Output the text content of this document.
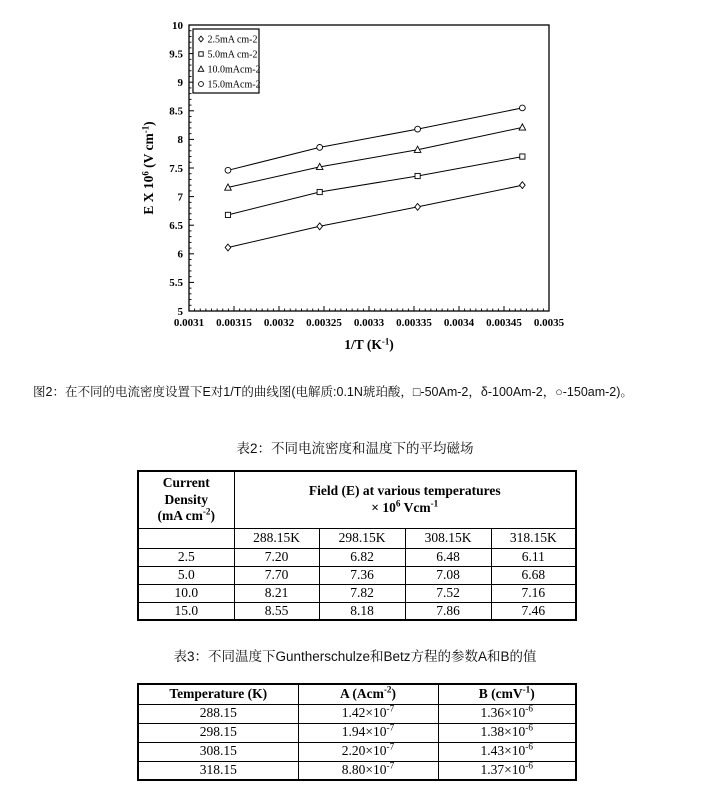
0.0031 0.00315 0.0032 0.00325 0.0033 0.00335 0.0034 0.00345 0.0035
5
5.5
6
6.5
7
7.5
8
8.5
9
9.5
10
1/T $(K^{-1})$
E X $10^6$ (V $cm^{-1}$)
2.5mA cm-2
5.0mA cm-2
10.0mAcm-2
15.0mAcm-2
图2：在不同的电流密度设置下E对1/T的曲线图(电解质:0.1N琥珀酸，□-50Am-2，δ-100Am-2，○-150am-2)。
表2：不同电流密度和温度下的平均磁场
Current
Density
(mA $cm^{-2}$)

Field (E) at various temperatures
× $10^6$ Vcm$^{-1}$

	288.15K	298.15K	308.15K	318.15K
2.5	7.20	6.82	6.48	6.11
5.0	7.70	7.36	7.08	6.68
10.0	8.21	7.82	7.52	7.16
15.0	8.55	8.18	7.86	7.46
表3：不同温度下Guntherschulze和Betz方程的参数A和B的值
Temperature (K)	A (Acm$^{-2}$)	B (cmV$^{-1}$)
288.15	$1.42\times 10^{-7}$	$1.36\times 10^{-6}$
298.15	$1.94\times 10^{-7}$	$1.38\times 10^{-6}$
308.15	$2.20\times 10^{-7}$	$1.43\times 10^{-6}$
318.15	$8.80\times 10^{-7}$	$1.37\times 10^{-6}$
